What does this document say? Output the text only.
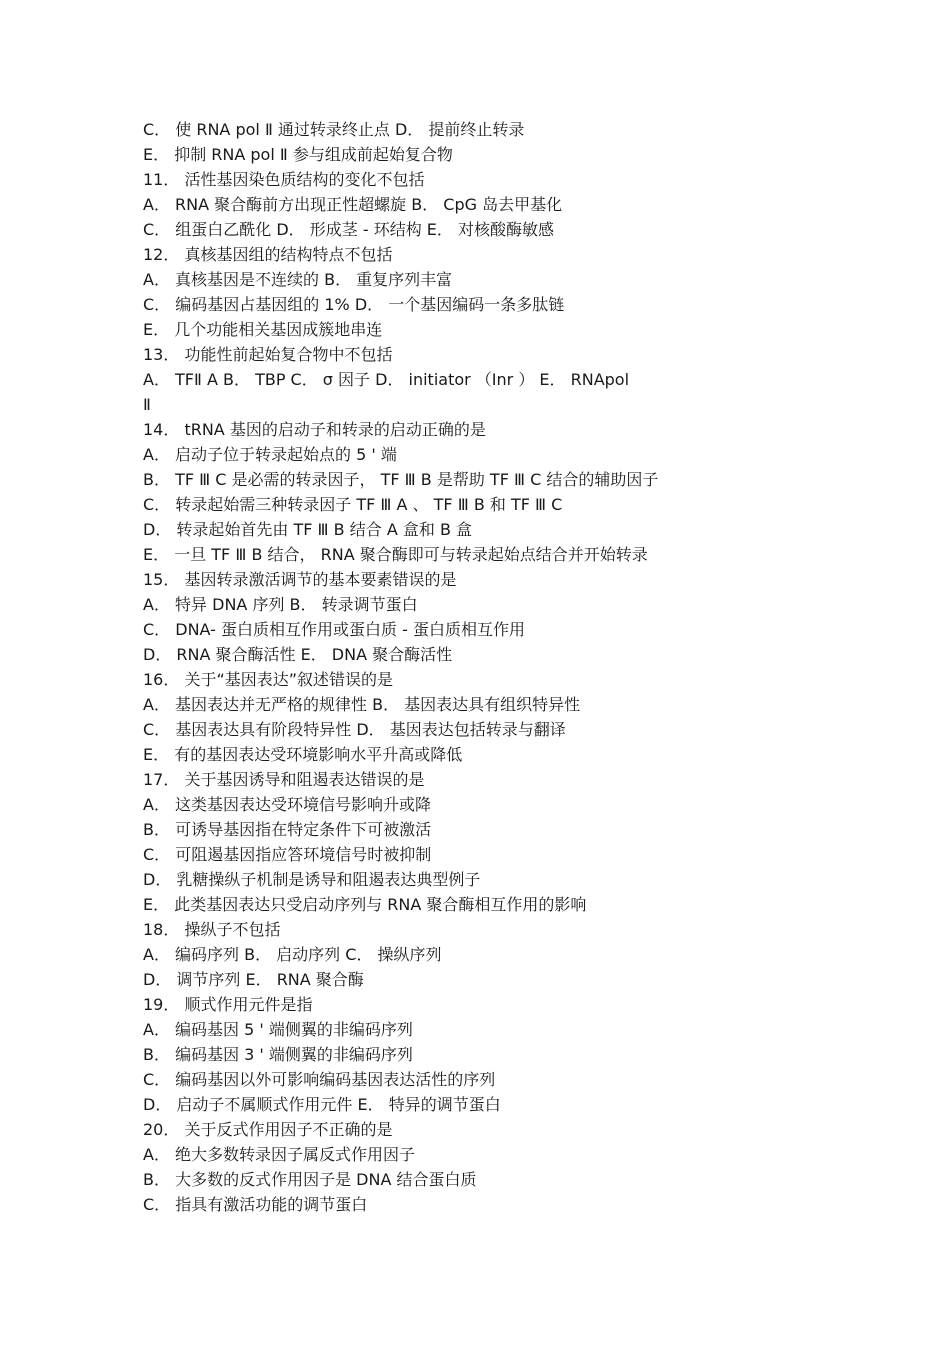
C． 使 RNA pol Ⅱ 通过转录终止点 D． 提前终止转录
E． 抑制 RNA pol Ⅱ 参与组成前起始复合物
11． 活性基因染色质结构的变化不包括
A． RNA 聚合酶前方出现正性超螺旋 B． CpG 岛去甲基化
C． 组蛋白乙酰化 D． 形成茎 - 环结构 E． 对核酸酶敏感
12． 真核基因组的结构特点不包括
A． 真核基因是不连续的 B． 重复序列丰富
C． 编码基因占基因组的 1% D． 一个基因编码一条多肽链
E． 几个功能相关基因成簇地串连
13． 功能性前起始复合物中不包括
A． TFⅡ A B． TBP C． σ 因子 D． initiator （Inr ） E． RNApol
Ⅱ
14． tRNA 基因的启动子和转录的启动正确的是
A． 启动子位于转录起始点的 5 ' 端
B． TF Ⅲ C 是必需的转录因子， TF Ⅲ B 是帮助 TF Ⅲ C 结合的辅助因子
C． 转录起始需三种转录因子 TF Ⅲ A 、 TF Ⅲ B 和 TF Ⅲ C
D． 转录起始首先由 TF Ⅲ B 结合 A 盒和 B 盒
E． 一旦 TF Ⅲ B 结合， RNA 聚合酶即可与转录起始点结合并开始转录
15． 基因转录激活调节的基本要素错误的是
A． 特异 DNA 序列 B． 转录调节蛋白
C． DNA- 蛋白质相互作用或蛋白质 - 蛋白质相互作用
D． RNA 聚合酶活性 E． DNA 聚合酶活性
16． 关于“基因表达”叙述错误的是
A． 基因表达并无严格的规律性 B． 基因表达具有组织特异性
C． 基因表达具有阶段特异性 D． 基因表达包括转录与翻译
E． 有的基因表达受环境影响水平升高或降低
17． 关于基因诱导和阻遏表达错误的是
A． 这类基因表达受环境信号影响升或降
B． 可诱导基因指在特定条件下可被激活
C． 可阻遏基因指应答环境信号时被抑制
D． 乳糖操纵子机制是诱导和阻遏表达典型例子
E． 此类基因表达只受启动序列与 RNA 聚合酶相互作用的影响
18． 操纵子不包括
A． 编码序列 B． 启动序列 C． 操纵序列
D． 调节序列 E． RNA 聚合酶
19． 顺式作用元件是指
A． 编码基因 5 ' 端侧翼的非编码序列
B． 编码基因 3 ' 端侧翼的非编码序列
C． 编码基因以外可影响编码基因表达活性的序列
D． 启动子不属顺式作用元件 E． 特异的调节蛋白
20． 关于反式作用因子不正确的是
A． 绝大多数转录因子属反式作用因子
B． 大多数的反式作用因子是 DNA 结合蛋白质
C． 指具有激活功能的调节蛋白
